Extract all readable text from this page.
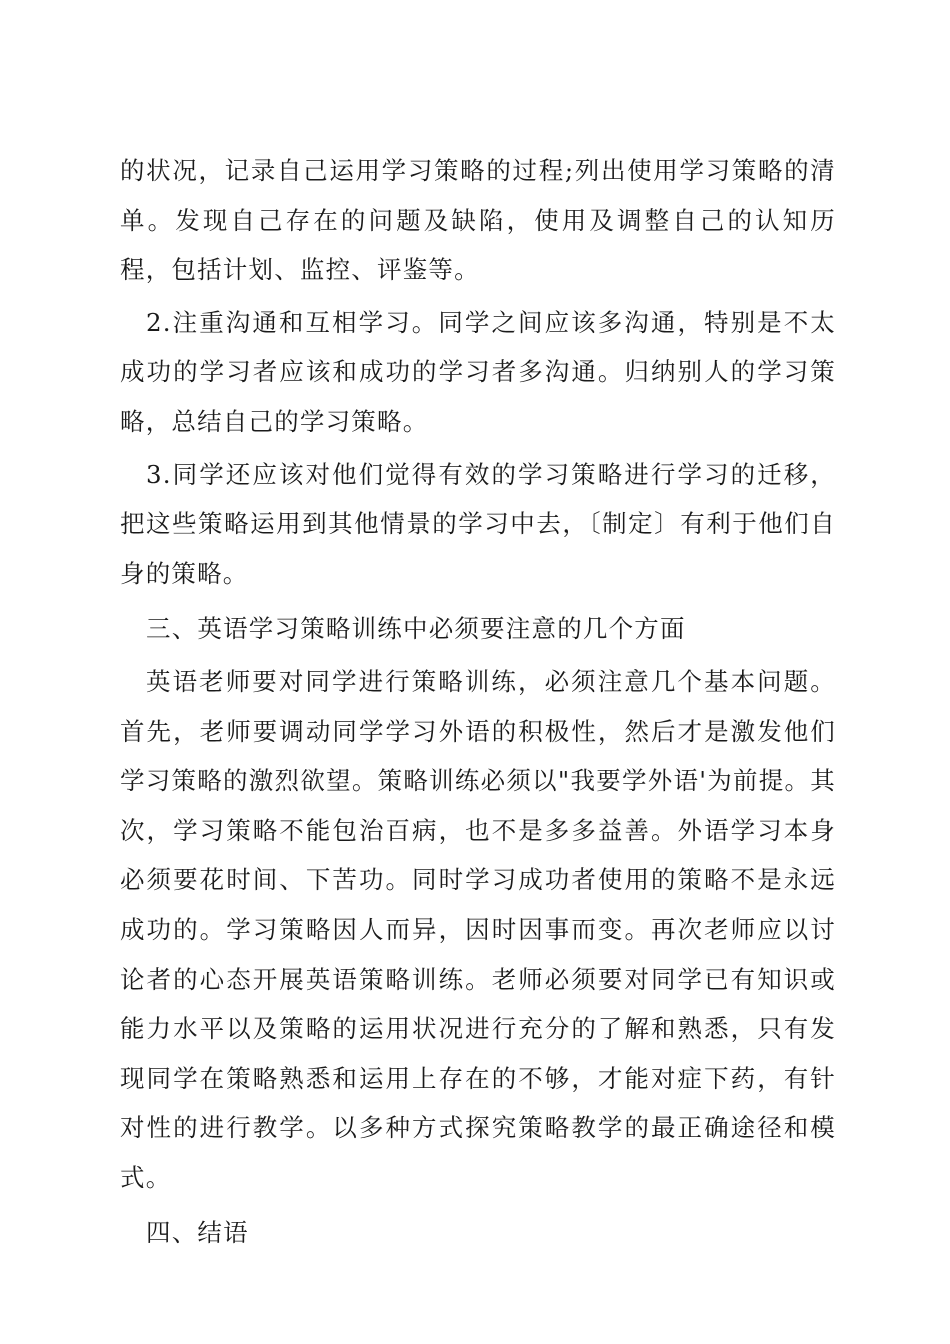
的状况，记录自己运用学习策略的过程;列出使用学习策略的清单。发现自己存在的问题及缺陷，使用及调整自己的认知历程，包括计划、监控、评鉴等。

2.注重沟通和互相学习。同学之间应该多沟通，特别是不太成功的学习者应该和成功的学习者多沟通。归纳别人的学习策略，总结自己的学习策略。

3.同学还应该对他们觉得有效的学习策略进行学习的迁移，把这些策略运用到其他情景的学习中去，〔制定〕有利于他们自身的策略。

三、英语学习策略训练中必须要注意的几个方面

英语老师要对同学进行策略训练，必须注意几个基本问题。首先，老师要调动同学学习外语的积极性，然后才是激发他们学习策略的激烈欲望。策略训练必须以"我要学外语'为前提。其次，学习策略不能包治百病，也不是多多益善。外语学习本身必须要花时间、下苦功。同时学习成功者使用的策略不是永远成功的。学习策略因人而异，因时因事而变。再次老师应以讨论者的心态开展英语策略训练。老师必须要对同学已有知识或能力水平以及策略的运用状况进行充分的了解和熟悉，只有发现同学在策略熟悉和运用上存在的不够，才能对症下药，有针对性的进行教学。以多种方式探究策略教学的最正确途径和模式。

四、结语
